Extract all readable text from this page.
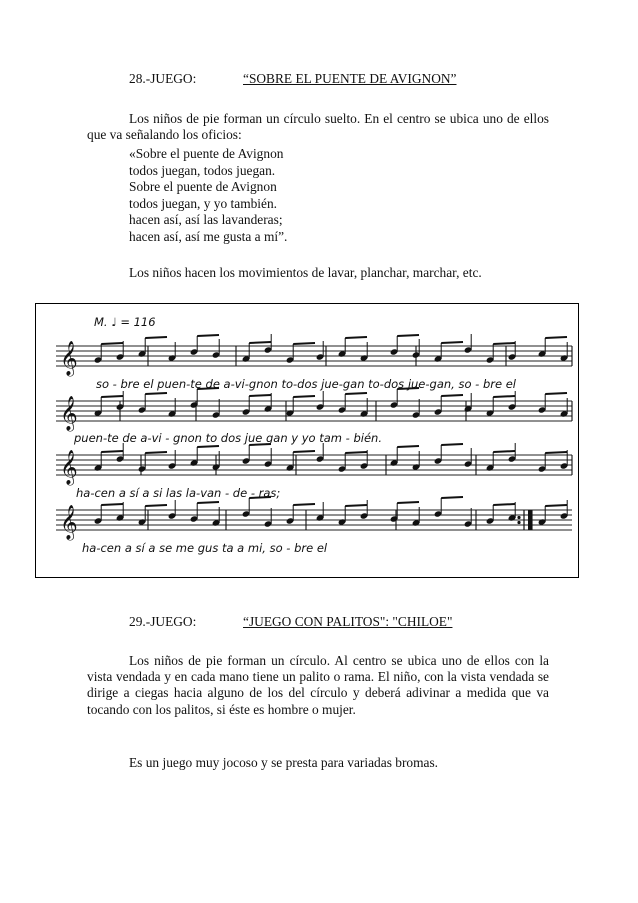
28.-JUEGO:	“SOBRE EL PUENTE DE AVIGNON”
Los niños de pie forman un círculo suelto. En el centro se ubica uno de ellos que va señalando los oficios:
«Sobre el puente de Avignon
todos juegan, todos juegan.
Sobre el puente de Avignon
todos juegan, y yo también.
hacen así, así las lavanderas;
hacen así, así me gusta a mí”.
Los niños hacen los movimientos de lavar, planchar, marchar, etc.
M. ♩ = 116
𝄞
𝄞
𝄞
𝄞
so - bre el puen-te de a-vi-gnon to-dos jue-gan to-dos jue-gan, so - bre el
puen-te de a-vi - gnon to dos jue gan y yo tam - bién.
ha-cen a sí a si las la-van - de - ras;
ha-cen a sí a se me gus ta a mi, so - bre el
29.-JUEGO:	“JUEGO CON PALITOS": "CHILOE"
Los niños de pie forman un círculo. Al centro se ubica uno de ellos con la vista vendada y en cada mano tiene un palito o rama. El niño, con la vista vendada se dirige a ciegas hacia alguno de los del círculo y deberá adivinar a medida que va tocando con los palitos, si éste es hombre o mujer.
Es un juego muy jocoso y se presta para variadas bromas.
